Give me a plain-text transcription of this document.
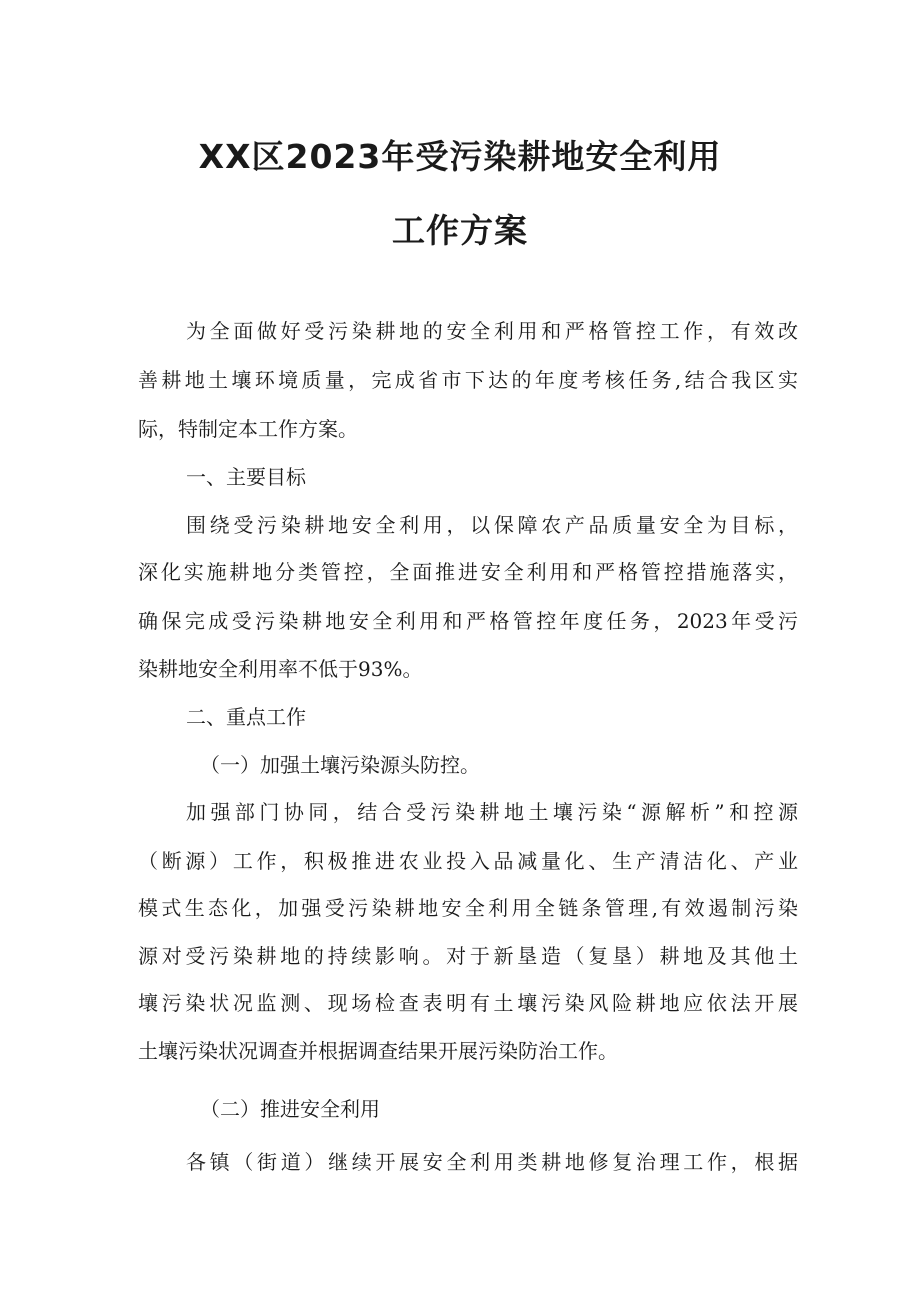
XX区2023年受污染耕地安全利用
工作方案
为全面做好受污染耕地的安全利用和严格管控工作，有效改
善耕地土壤环境质量，完成省市下达的年度考核任务,结合我区实
际，特制定本工作方案。
一、主要目标
围绕受污染耕地安全利用，以保障农产品质量安全为目标，
深化实施耕地分类管控，全面推进安全利用和严格管控措施落实，
确保完成受污染耕地安全利用和严格管控年度任务，2023年受污
染耕地安全利用率不低于93%。
二、重点工作
（一）加强土壤污染源头防控。
加强部门协同，结合受污染耕地土壤污染“源解析”和控源
（断源）工作，积极推进农业投入品减量化、生产清洁化、产业
模式生态化，加强受污染耕地安全利用全链条管理,有效遏制污染
源对受污染耕地的持续影响。对于新垦造（复垦）耕地及其他土
壤污染状况监测、现场检查表明有土壤污染风险耕地应依法开展
土壤污染状况调查并根据调查结果开展污染防治工作。
（二）推进安全利用
各镇（街道）继续开展安全利用类耕地修复治理工作，根据
